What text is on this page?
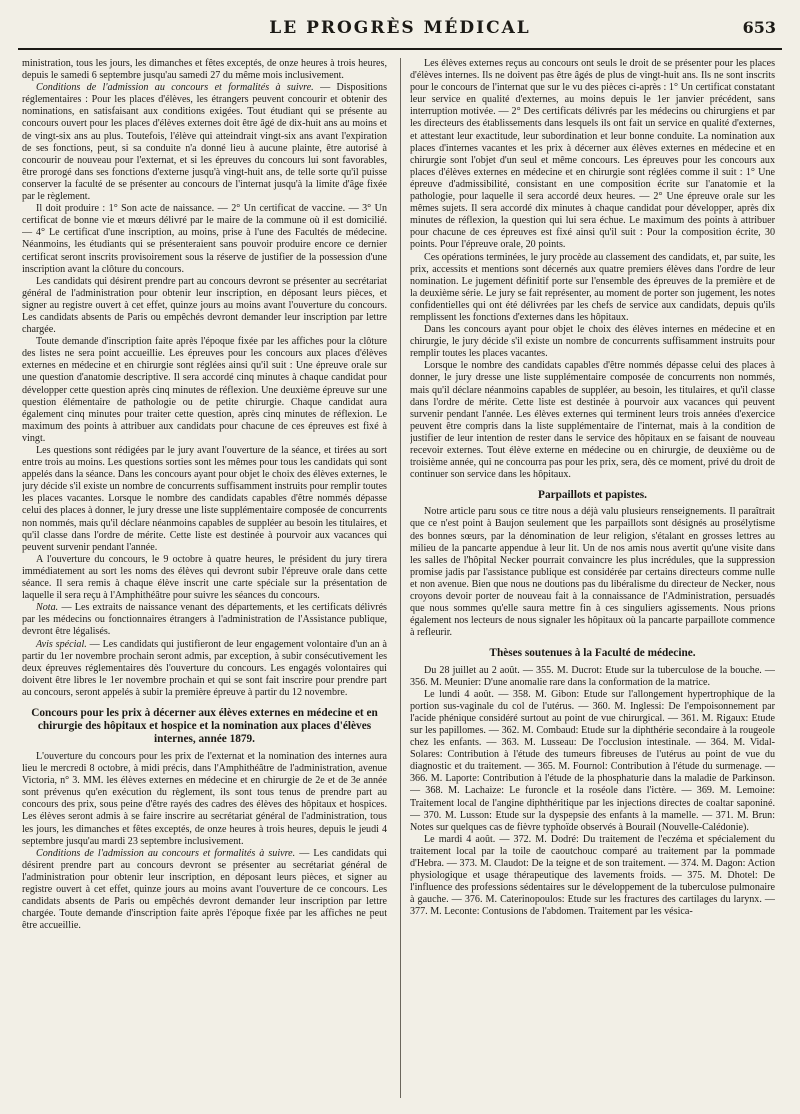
LE PROGRÈS MÉDICAL	653

ministration, tous les jours, les dimanches et fêtes exceptés, de onze heures à trois heures, depuis le samedi 6 septembre jusqu'au samedi 27 du même mois inclusivement.

Conditions de l'admission au concours et formalités à suivre. — Dispositions réglementaires : Pour les places d'élèves, les étrangers peuvent concourir et obtenir des nominations, en satisfaisant aux conditions exigées. Tout étudiant qui se présente au concours ouvert pour les places d'élèves externes doit être âgé de dix-huit ans au moins et de vingt-six ans au plus. Toutefois, l'élève qui atteindrait vingt-six ans avant l'expiration de ses fonctions, peut, si sa conduite n'a donné lieu à aucune plainte, être autorisé à concourir de nouveau pour l'externat, et si les épreuves du concours lui sont favorables, être prorogé dans ses fonctions d'externe jusqu'à vingt-huit ans, de telle sorte qu'il puisse conserver la faculté de se présenter au concours de l'internat jusqu'à la limite d'âge fixée par le règlement.

Il doit produire : 1° Son acte de naissance. — 2° Un certificat de vaccine. — 3° Un certificat de bonne vie et mœurs délivré par le maire de la commune où il est domicilié. — 4° Le certificat d'une inscription, au moins, prise à l'une des Facultés de médecine. Néanmoins, les étudiants qui se présenteraient sans pouvoir produire encore ce dernier certificat seront inscrits provisoirement sous la réserve de justifier de la possession d'une inscription avant la clôture du concours.

Les candidats qui désirent prendre part au concours devront se présenter au secrétariat général de l'administration pour obtenir leur inscription, en déposant leurs pièces, et signer au registre ouvert à cet effet, quinze jours au moins avant l'ouverture du concours. Les candidats absents de Paris ou empêchés devront demander leur inscription par lettre chargée.

Toute demande d'inscription faite après l'époque fixée par les affiches pour la clôture des listes ne sera point accueillie. Les épreuves pour les concours aux places d'élèves externes en médecine et en chirurgie sont réglées ainsi qu'il suit : Une épreuve orale sur une question d'anatomie descriptive. Il sera accordé cinq minutes à chaque candidat pour développer cette question après cinq minutes de réflexion. Une deuxième épreuve sur une question élémentaire de pathologie ou de petite chirurgie. Chaque candidat aura également cinq minutes pour traiter cette question, après cinq minutes de réflexion. Le maximum des points à attribuer aux candidats pour chacune de ces épreuves est fixé à vingt.

Les questions sont rédigées par le jury avant l'ouverture de la séance, et tirées au sort entre trois au moins. Les questions sorties sont les mêmes pour tous les candidats qui sont appelés dans la séance. Dans les concours ayant pour objet le choix des élèves externes, le jury décide s'il existe un nombre de concurrents suffisamment instruits pour remplir toutes les places vacantes. Lorsque le nombre des candidats capables d'être nommés dépasse celui des places à donner, le jury dresse une liste supplémentaire composée de concurrents non nommés, mais qu'il déclare néanmoins capables de suppléer au besoin les titulaires, et qu'il classe dans l'ordre de mérite. Cette liste est destinée à pourvoir aux vacances qui peuvent survenir pendant l'année.

A l'ouverture du concours, le 9 octobre à quatre heures, le président du jury tirera immédiatement au sort les noms des élèves qui devront subir l'épreuve orale dans cette séance. Il sera remis à chaque élève inscrit une carte spéciale sur la présentation de laquelle il sera reçu à l'Amphithéâtre pour suivre les séances du concours.

Nota. — Les extraits de naissance venant des départements, et les certificats délivrés par les médecins ou fonctionnaires étrangers à l'administration de l'Assistance publique, devront être légalisés.

Avis spécial. — Les candidats qui justifieront de leur engagement volontaire d'un an à partir du 1er novembre prochain seront admis, par exception, à subir consécutivement les deux épreuves réglementaires dès l'ouverture du concours. Les engagés volontaires qui doivent être libres le 1er novembre prochain et qui se sont fait inscrire pour prendre part au concours, seront appelés à subir la première épreuve à partir du 12 novembre.

Concours pour les prix à décerner aux élèves externes en médecine et en chirurgie des hôpitaux et hospice et la nomination aux places d'élèves internes, année 1879.

L'ouverture du concours pour les prix de l'externat et la nomination des internes aura lieu le mercredi 8 octobre, à midi précis, dans l'Amphithéâtre de l'administration, avenue Victoria, n° 3. MM. les élèves externes en médecine et en chirurgie de 2e et de 3e année sont prévenus qu'en exécution du règlement, ils sont tous tenus de prendre part au concours des prix, sous peine d'être rayés des cadres des élèves des hôpitaux et hospices. Les élèves seront admis à se faire inscrire au secrétariat général de l'administration, tous les jours, les dimanches et fêtes exceptés, de onze heures à trois heures, depuis le jeudi 4 septembre jusqu'au mardi 23 septembre inclusivement.

Conditions de l'admission au concours et formalités à suivre. — Les candidats qui désirent prendre part au concours devront se présenter au secrétariat général de l'administration pour obtenir leur inscription, en déposant leurs pièces, et signer au registre ouvert à cet effet, quinze jours au moins avant l'ouverture de ce concours. Les candidats absents de Paris ou empêchés devront demander leur inscription par lettre chargée. Toute demande d'inscription faite après l'époque fixée par les affiches ne peut être accueillie.

Les élèves externes reçus au concours ont seuls le droit de se présenter pour les places d'élèves internes. Ils ne doivent pas être âgés de plus de vingt-huit ans. Ils ne sont inscrits pour le concours de l'internat que sur le vu des pièces ci-après : 1° Un certificat constatant leur service en qualité d'externes, au moins depuis le 1er janvier précédent, sans interruption motivée. — 2° Des certificats délivrés par les médecins ou chirurgiens et par les directeurs des établissements dans lesquels ils ont fait un service en qualité d'externes, et attestant leur exactitude, leur subordination et leur bonne conduite. La nomination aux places d'internes vacantes et les prix à décerner aux élèves externes en médecine et en chirurgie sont l'objet d'un seul et même concours. Les épreuves pour les concours aux places d'élèves externes en médecine et en chirurgie sont réglées comme il suit : 1° Une épreuve d'admissibilité, consistant en une composition écrite sur l'anatomie et la pathologie, pour laquelle il sera accordé deux heures. — 2° Une épreuve orale sur les mêmes sujets. Il sera accordé dix minutes à chaque candidat pour développer, après dix minutes de réflexion, la question qui lui sera échue. Le maximum des points à attribuer pour chacune de ces épreuves est fixé ainsi qu'il suit : Pour la composition écrite, 30 points. Pour l'épreuve orale, 20 points.

Ces opérations terminées, le jury procède au classement des candidats, et, par suite, les prix, accessits et mentions sont décernés aux quatre premiers élèves dans l'ordre de leur nomination. Le jugement définitif porte sur l'ensemble des épreuves de la première et de la deuxième série. Le jury se fait représenter, au moment de porter son jugement, les notes confidentielles qui ont été délivrées par les chefs de service aux candidats, depuis qu'ils remplissent les fonctions d'externes dans les hôpitaux.

Dans les concours ayant pour objet le choix des élèves internes en médecine et en chirurgie, le jury décide s'il existe un nombre de concurrents suffisamment instruits pour remplir toutes les places vacantes.

Lorsque le nombre des candidats capables d'être nommés dépasse celui des places à donner, le jury dresse une liste supplémentaire composée de concurrents non nommés, mais qu'il déclare néanmoins capables de suppléer, au besoin, les titulaires, et qu'il classe dans l'ordre de mérite. Cette liste est destinée à pourvoir aux vacances qui peuvent survenir pendant l'année. Les élèves externes qui terminent leurs trois années d'exercice peuvent être compris dans la liste supplémentaire de l'internat, mais à la condition de justifier de leur intention de rester dans le service des hôpitaux en se faisant de nouveau recevoir externes. Tout élève externe en médecine ou en chirurgie, de deuxième ou de troisième année, qui ne concourra pas pour les prix, sera, dès ce moment, privé du droit de continuer son service dans les hôpitaux.

Parpaillots et papistes.

Notre article paru sous ce titre nous a déjà valu plusieurs renseignements. Il paraîtrait que ce n'est point à Baujon seulement que les parpaillots sont désignés au prosélytisme des bonnes sœurs, par la dénomination de leur religion, s'étalant en grosses lettres au milieu de la pancarte appendue à leur lit. Un de nos amis nous avertit qu'une visite dans les salles de l'hôpital Necker pourrait convaincre les plus incrédules, que la suppression promise jadis par l'assistance publique est considérée par certains directeurs comme nulle et non avenue. Bien que nous ne doutions pas du libéralisme du directeur de Necker, nous croyons devoir porter de nouveau fait à la connaissance de l'Administration, persuadés que nous sommes qu'elle saura mettre fin à ces singuliers agissements. Nous prions également nos lecteurs de nous signaler les hôpitaux où la pancarte parpaillote commence à refleurir.

Thèses soutenues à la Faculté de médecine.

Du 28 juillet au 2 août. — 355. M. Ducrot: Etude sur la tuberculose de la bouche. — 356. M. Meunier: D'une anomalie rare dans la conformation de la matrice.

Le lundi 4 août. — 358. M. Gibon: Etude sur l'allongement hypertrophique de la portion sus-vaginale du col de l'utérus. — 360. M. Inglessi: De l'empoisonnement par l'acide phénique considéré surtout au point de vue chirurgical. — 361. M. Rigaux: Etude sur les papillomes. — 362. M. Combaud: Etude sur la diphthérie secondaire à la rougeole chez les enfants. — 363. M. Lusseau: De l'occlusion intestinale. — 364. M. Vidal-Solares: Contribution à l'étude des tumeurs fibreuses de l'utérus au point de vue du diagnostic et du traitement. — 365. M. Fournol: Contribution à l'étude du surmenage. — 366. M. Laporte: Contribution à l'étude de la phosphaturie dans la maladie de Parkinson. — 368. M. Lachaize: Le furoncle et la roséole dans l'ictère. — 369. M. Lemoine: Traitement local de l'angine diphthéritique par les injections directes de coaltar saponiné. — 370. M. Lusson: Etude sur la dyspepsie des enfants à la mamelle. — 371. M. Brun: Notes sur quelques cas de fièvre typhoïde observés à Bourail (Nouvelle-Calédonie).

Le mardi 4 août. — 372. M. Dodré: Du traitement de l'eczéma et spécialement du traitement local par la toile de caoutchouc comparé au traitement par la pommade d'Hebra. — 373. M. Claudot: De la teigne et de son traitement. — 374. M. Dagon: Action physiologique et usage thérapeutique des lavements froids. — 375. M. Dhotel: De l'influence des professions sédentaires sur le développement de la tuberculose pulmonaire à gauche. — 376. M. Caterinopoulos: Etude sur les fractures des cartilages du larynx. — 377. M. Leconte: Contusions de l'abdomen. Traitement par les vésica-
